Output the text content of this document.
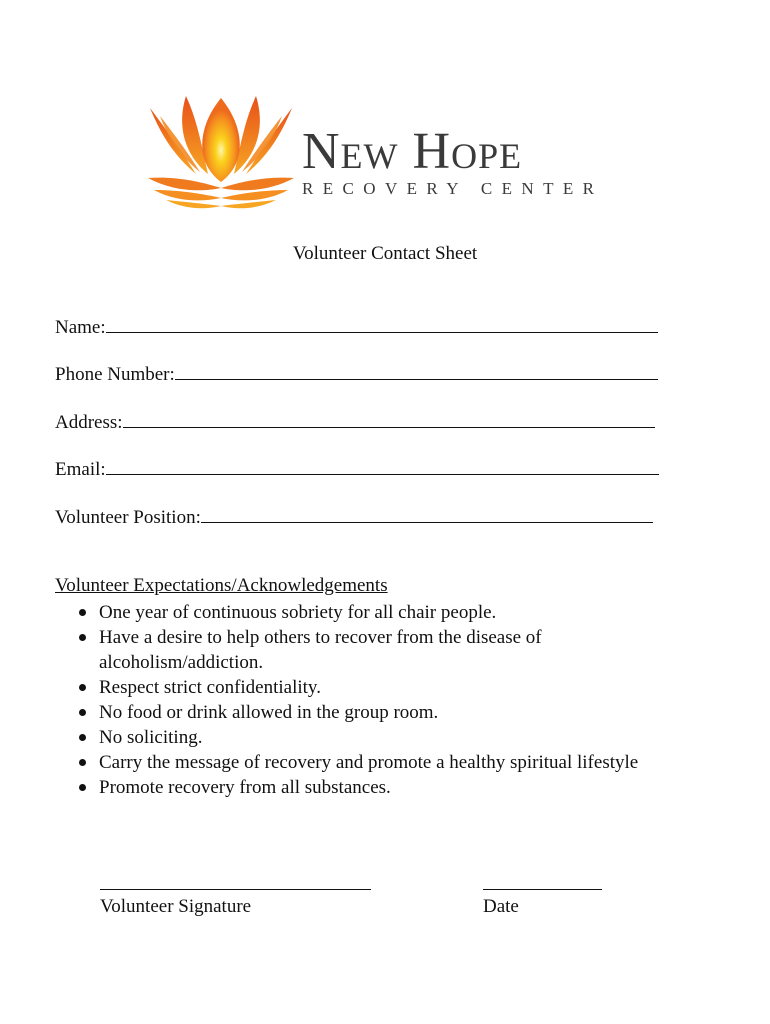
New Hope
RECOVERY CENTER
Volunteer Contact Sheet
Name:
Phone Number:
Address:
Email:
Volunteer Position:
Volunteer Expectations/Acknowledgements
One year of continuous sobriety for all chair people.
Have a desire to help others to recover from the disease of alcoholism/addiction.
Respect strict confidentiality.
No food or drink allowed in the group room.
No soliciting.
Carry the message of recovery and promote a healthy spiritual lifestyle
Promote recovery from all substances.
Volunteer Signature	Date
